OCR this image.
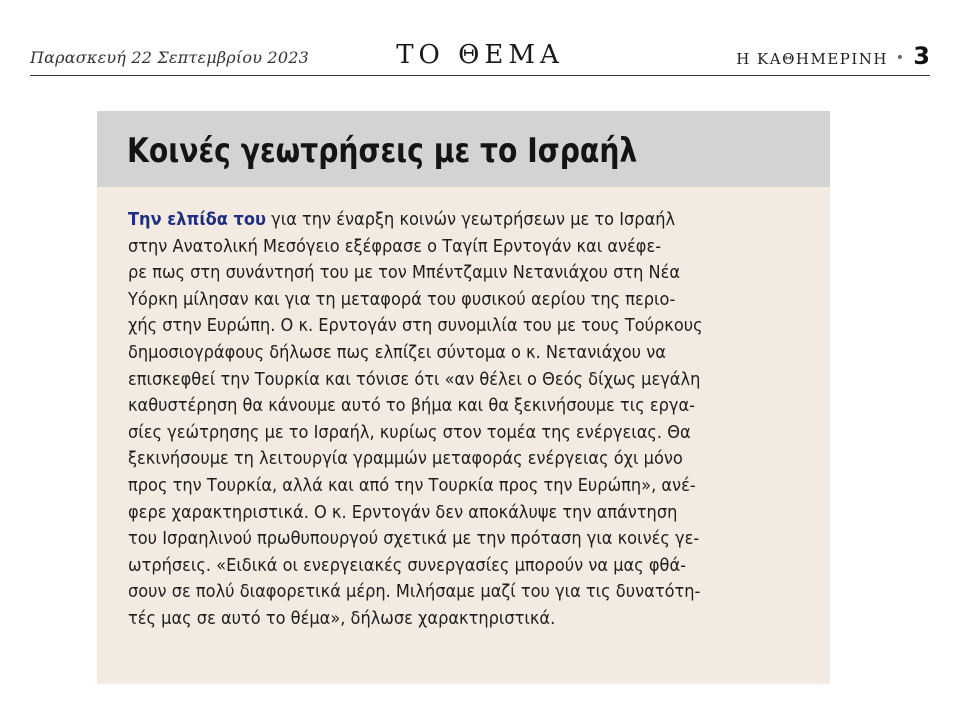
Παρασκευή 22 Σεπτεμβρίου 2023	ΤΟ ΘΕΜΑ	Η ΚΑΘΗΜΕΡΙΝΗ • 3
Κοινές γεωτρήσεις με το Ισραήλ
Την ελπίδα του για την έναρξη κοινών γεωτρήσεων με το Ισραήλ
στην Ανατολική Μεσόγειο εξέφρασε ο Ταγίπ Ερντογάν και ανέφε-
ρε πως στη συνάντησή του με τον Μπέντζαμιν Νετανιάχου στη Νέα
Υόρκη μίλησαν και για τη μεταφορά του φυσικού αερίου της περιο-
χής στην Ευρώπη. Ο κ. Ερντογάν στη συνομιλία του με τους Τούρκους
δημοσιογράφους δήλωσε πως ελπίζει σύντομα ο κ. Νετανιάχου να
επισκεφθεί την Τουρκία και τόνισε ότι «αν θέλει ο Θεός δίχως μεγάλη
καθυστέρηση θα κάνουμε αυτό το βήμα και θα ξεκινήσουμε τις εργα-
σίες γεώτρησης με το Ισραήλ, κυρίως στον τομέα της ενέργειας. Θα
ξεκινήσουμε τη λειτουργία γραμμών μεταφοράς ενέργειας όχι μόνο
προς την Τουρκία, αλλά και από την Τουρκία προς την Ευρώπη», ανέ-
φερε χαρακτηριστικά. Ο κ. Ερντογάν δεν αποκάλυψε την απάντηση
του Ισραηλινού πρωθυπουργού σχετικά με την πρόταση για κοινές γε-
ωτρήσεις. «Ειδικά οι ενεργειακές συνεργασίες μπορούν να μας φθά-
σουν σε πολύ διαφορετικά μέρη. Μιλήσαμε μαζί του για τις δυνατότη-
τές μας σε αυτό το θέμα», δήλωσε χαρακτηριστικά.
